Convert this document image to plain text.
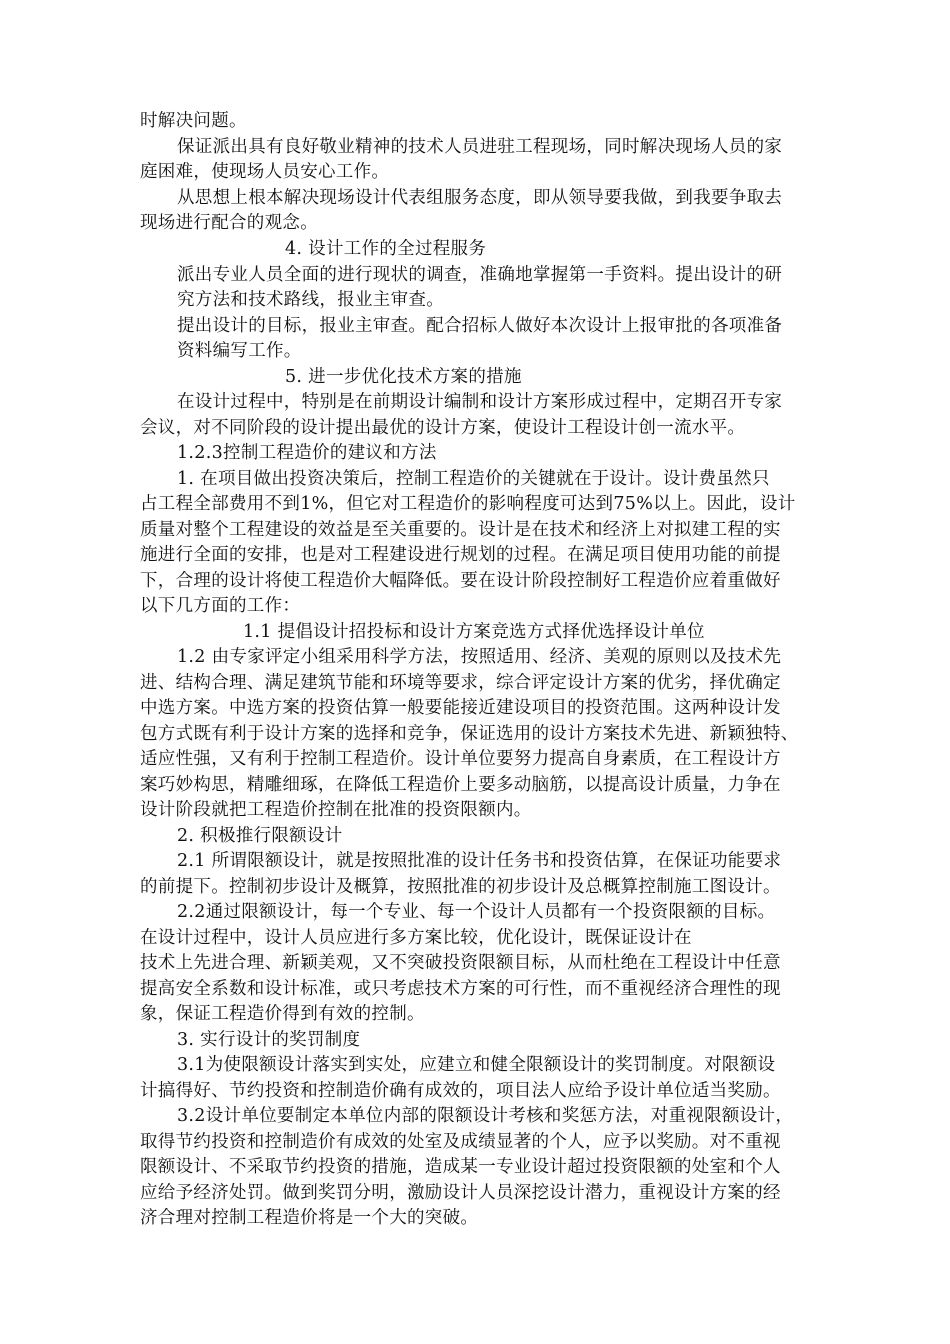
时解决问题。
保证派出具有良好敬业精神的技术人员进驻工程现场，同时解决现场人员的家
庭困难，使现场人员安心工作。
从思想上根本解决现场设计代表组服务态度，即从领导要我做，到我要争取去
现场进行配合的观念。
4. 设计工作的全过程服务
派出专业人员全面的进行现状的调查，准确地掌握第一手资料。提出设计的研
究方法和技术路线，报业主审查。
提出设计的目标，报业主审查。配合招标人做好本次设计上报审批的各项准备
资料编写工作。
5. 进一步优化技术方案的措施
在设计过程中，特别是在前期设计编制和设计方案形成过程中，定期召开专家
会议，对不同阶段的设计提出最优的设计方案，使设计工程设计创一流水平。
1.2.3控制工程造价的建议和方法
1. 在项目做出投资决策后，控制工程造价的关键就在于设计。设计费虽然只
占工程全部费用不到1%，但它对工程造价的影响程度可达到75%以上。因此，设计
质量对整个工程建设的效益是至关重要的。设计是在技术和经济上对拟建工程的实
施进行全面的安排，也是对工程建设进行规划的过程。在满足项目使用功能的前提
下，合理的设计将使工程造价大幅降低。要在设计阶段控制好工程造价应着重做好
以下几方面的工作：
1.1 提倡设计招投标和设计方案竞选方式择优选择设计单位
1.2 由专家评定小组采用科学方法，按照适用、经济、美观的原则以及技术先
进、结构合理、满足建筑节能和环境等要求，综合评定设计方案的优劣，择优确定
中选方案。中选方案的投资估算一般要能接近建设项目的投资范围。这两种设计发
包方式既有利于设计方案的选择和竞争，保证选用的设计方案技术先进、新颖独特、
适应性强，又有利于控制工程造价。设计单位要努力提高自身素质，在工程设计方
案巧妙构思，精雕细琢，在降低工程造价上要多动脑筋，以提高设计质量，力争在
设计阶段就把工程造价控制在批准的投资限额内。
2. 积极推行限额设计
2.1 所谓限额设计，就是按照批准的设计任务书和投资估算，在保证功能要求
的前提下。控制初步设计及概算，按照批准的初步设计及总概算控制施工图设计。
2.2通过限额设计，每一个专业、每一个设计人员都有一个投资限额的目标。
在设计过程中，设计人员应进行多方案比较，优化设计，既保证设计在
技术上先进合理、新颖美观，又不突破投资限额目标，从而杜绝在工程设计中任意
提高安全系数和设计标准，或只考虑技术方案的可行性，而不重视经济合理性的现
象，保证工程造价得到有效的控制。
3. 实行设计的奖罚制度
3.1为使限额设计落实到实处，应建立和健全限额设计的奖罚制度。对限额设
计搞得好、节约投资和控制造价确有成效的，项目法人应给予设计单位适当奖励。
3.2设计单位要制定本单位内部的限额设计考核和奖惩方法，对重视限额设计，
取得节约投资和控制造价有成效的处室及成绩显著的个人，应予以奖励。对不重视
限额设计、不采取节约投资的措施，造成某一专业设计超过投资限额的处室和个人
应给予经济处罚。做到奖罚分明，激励设计人员深挖设计潜力，重视设计方案的经
济合理对控制工程造价将是一个大的突破。
